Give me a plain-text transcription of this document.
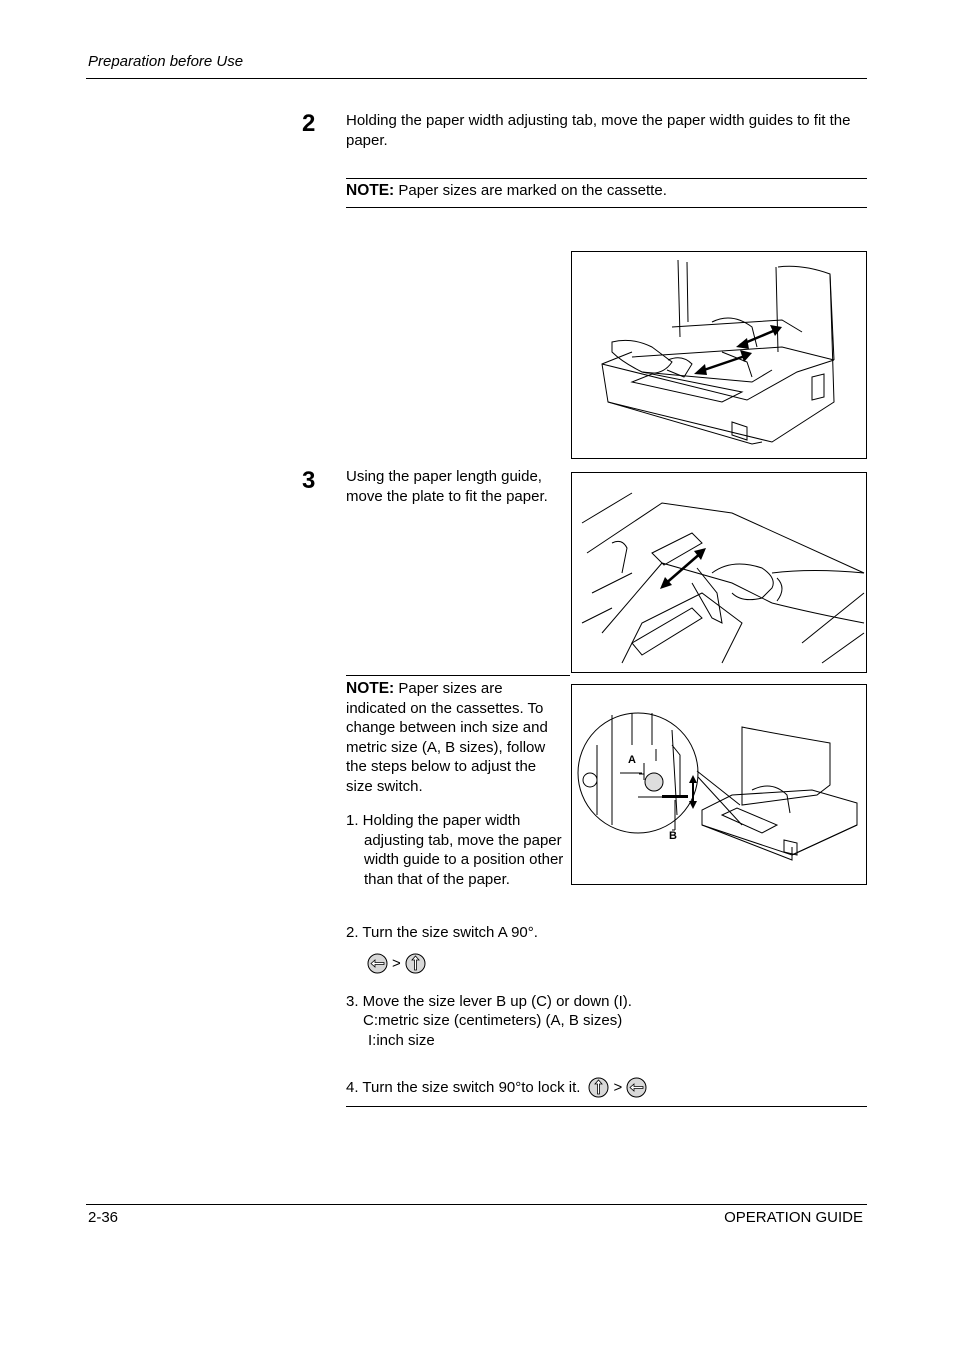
Preparation before Use
2 Holding the paper width adjusting tab, move the paper width guides to fit the paper.
NOTE: Paper sizes are marked on the cassette.
3 Using the paper length guide, move the plate to fit the paper.
NOTE: Paper sizes are indicated on the cassettes. To change between inch size and metric size (A, B sizes), follow the steps below to adjust the size switch.
A
B
1. Holding the paper width adjusting tab, move the paper width guide to a position other than that of the paper.
2. Turn the size switch A 90°.
>
3. Move the size lever B up (C) or down (I).
C:metric size (centimeters) (A, B sizes)
I:inch size
4. Turn the size switch 90°to lock it. >
2-36	OPERATION GUIDE
